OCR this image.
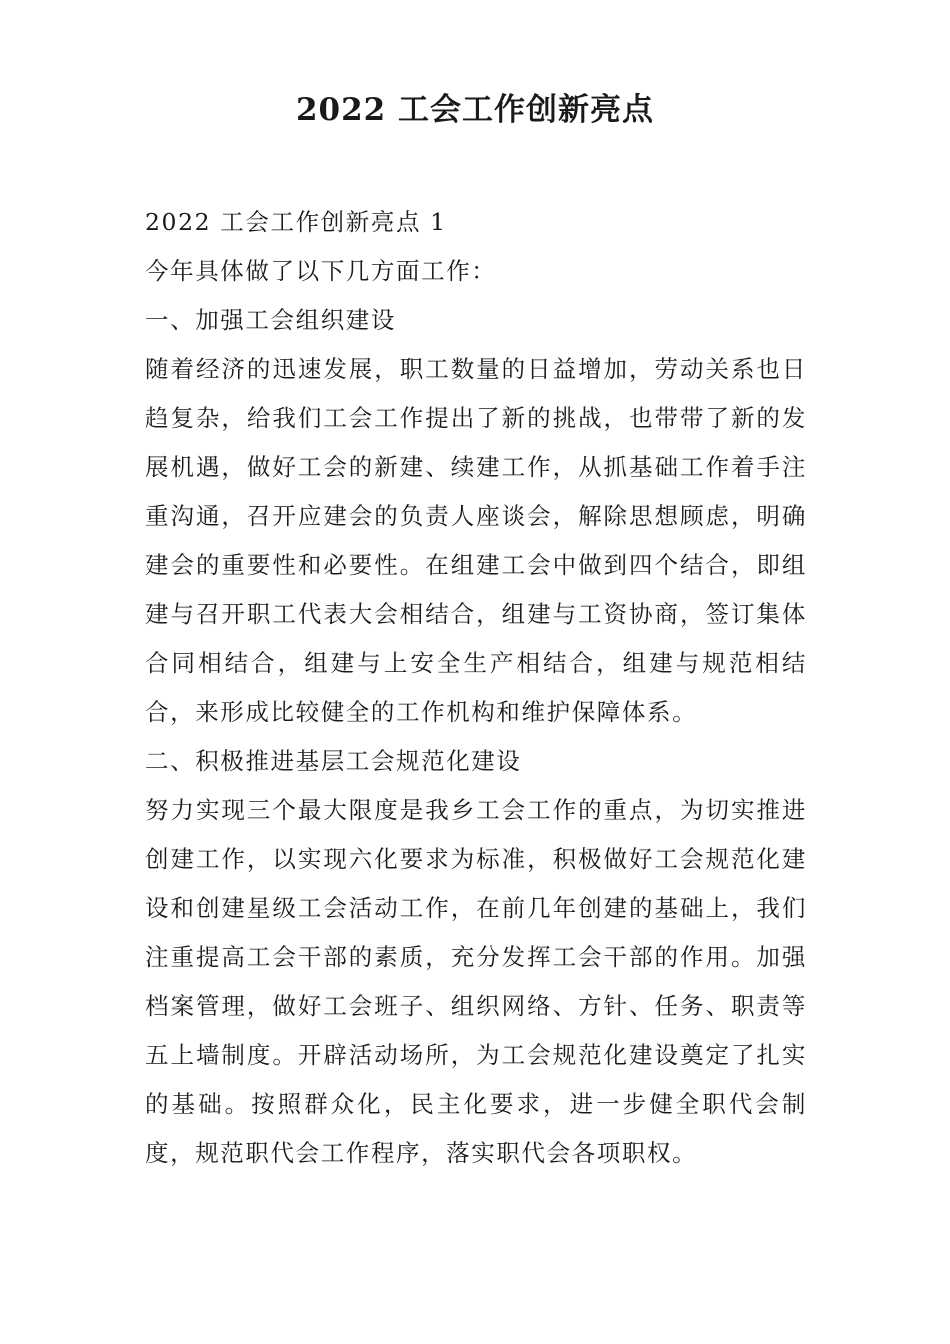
2022 工会工作创新亮点

2022 工会工作创新亮点 1

今年具体做了以下几方面工作：

一、加强工会组织建设

随着经济的迅速发展，职工数量的日益增加，劳动关系也日趋复杂，给我们工会工作提出了新的挑战，也带带了新的发展机遇，做好工会的新建、续建工作，从抓基础工作着手注重沟通，召开应建会的负责人座谈会，解除思想顾虑，明确建会的重要性和必要性。在组建工会中做到四个结合，即组建与召开职工代表大会相结合，组建与工资协商，签订集体合同相结合，组建与上安全生产相结合，组建与规范相结合，来形成比较健全的工作机构和维护保障体系。

二、积极推进基层工会规范化建设

努力实现三个最大限度是我乡工会工作的重点，为切实推进创建工作，以实现六化要求为标准，积极做好工会规范化建设和创建星级工会活动工作，在前几年创建的基础上，我们注重提高工会干部的素质，充分发挥工会干部的作用。加强档案管理，做好工会班子、组织网络、方针、任务、职责等五上墙制度。开辟活动场所，为工会规范化建设奠定了扎实的基础。按照群众化，民主化要求，进一步健全职代会制度，规范职代会工作程序，落实职代会各项职权。
